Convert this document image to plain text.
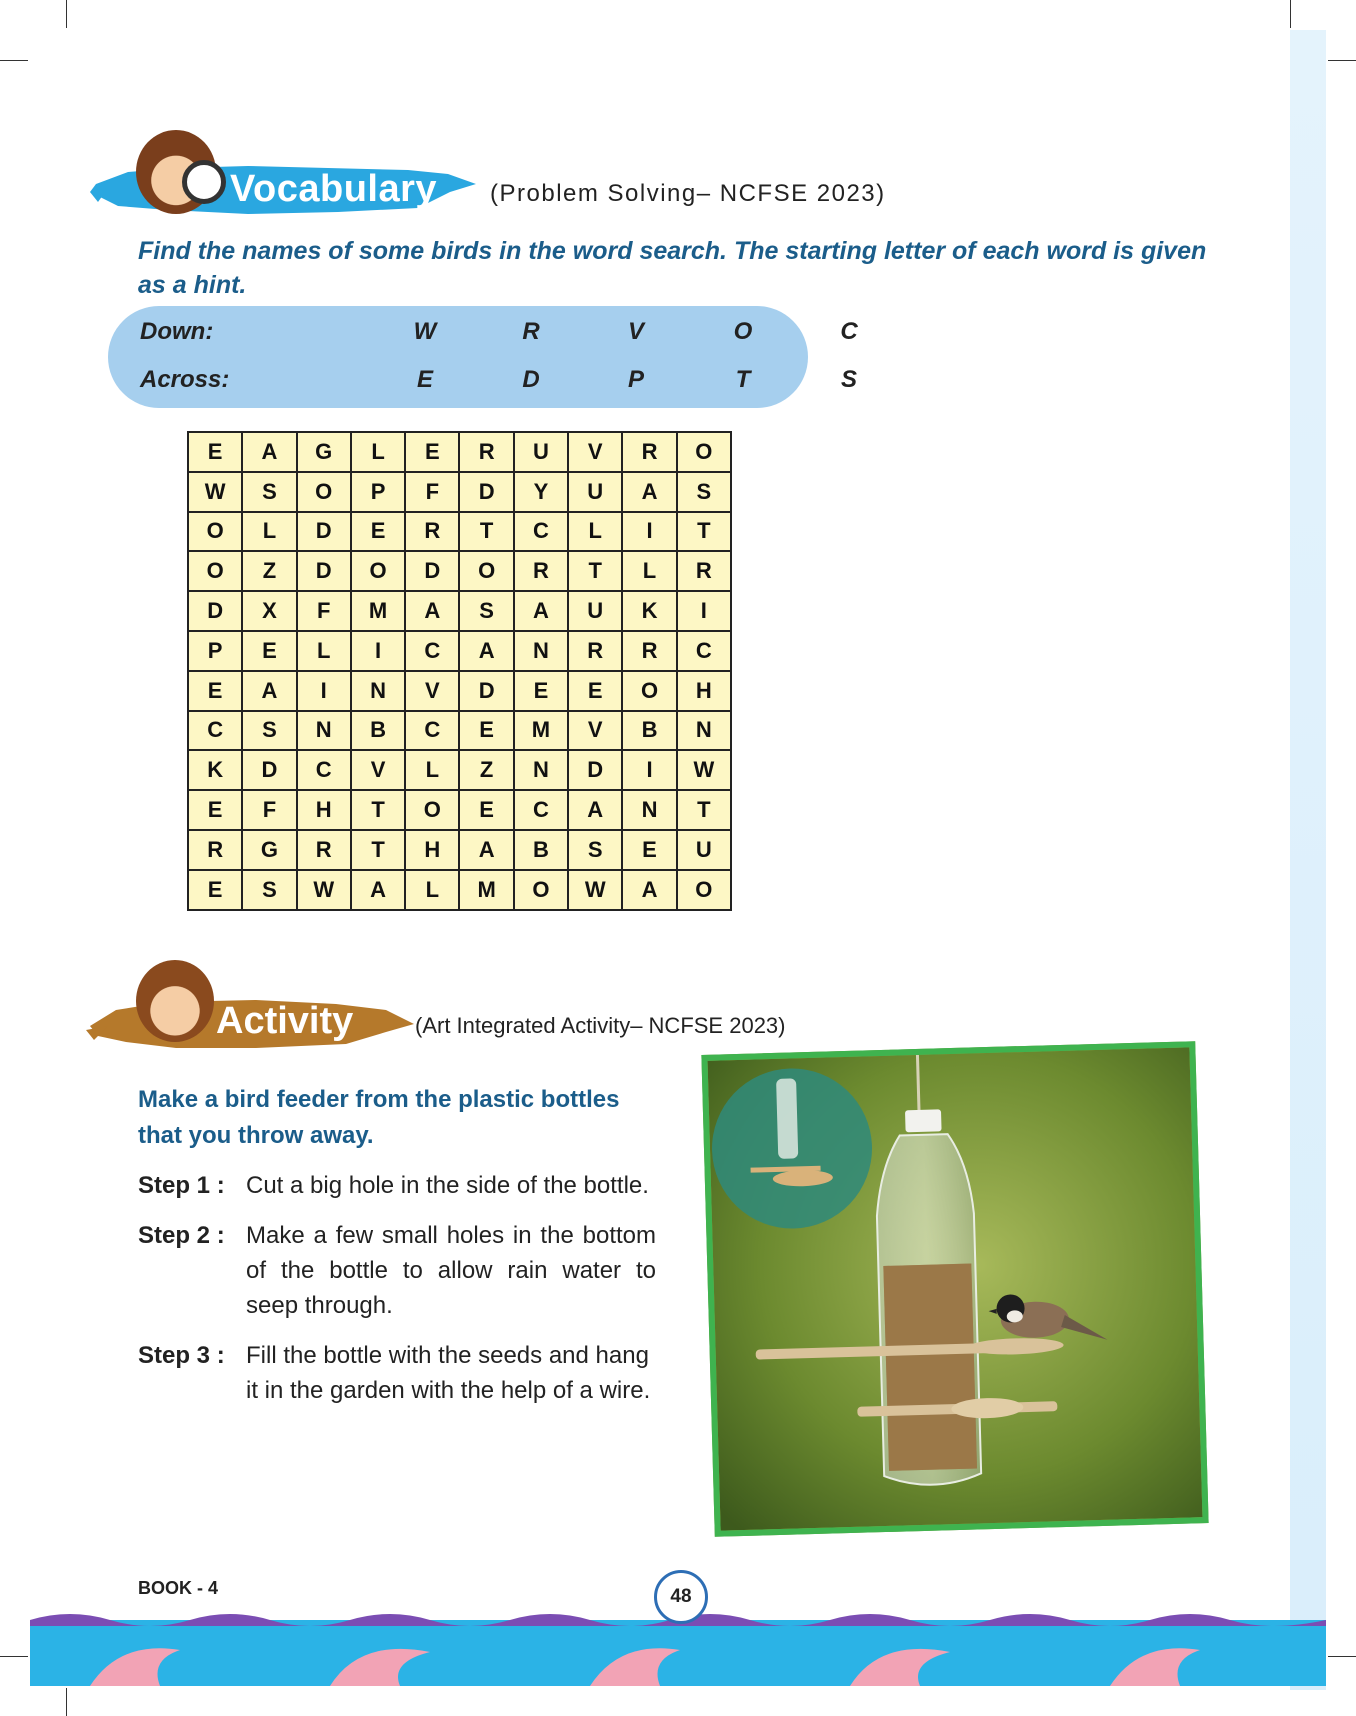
Vocabulary (Problem Solving– NCFSE 2023)
Find the names of some birds in the word search. The starting letter of each word is given as a hint.
Down:	W	R	V	O	C
Across:	E	D	P	T	S
E	A	G	L	E	R	U	V	R	O
W	S	O	P	F	D	Y	U	A	S
O	L	D	E	R	T	C	L	I	T
O	Z	D	O	D	O	R	T	L	R
D	X	F	M	A	S	A	U	K	I
P	E	L	I	C	A	N	R	R	C
E	A	I	N	V	D	E	E	O	H
C	S	N	B	C	E	M	V	B	N
K	D	C	V	L	Z	N	D	I	W
E	F	H	T	O	E	C	A	N	T
R	G	R	T	H	A	B	S	E	U
E	S	W	A	L	M	O	W	A	O
Activity	(Art Integrated Activity– NCFSE 2023)
Make a bird feeder from the plastic bottles that you throw away.
Step 1 : Cut a big hole in the side of the bottle.
Step 2 : Make a few small holes in the bottom of the bottle to allow rain water to seep through.
Step 3 : Fill the bottle with the seeds and hang it in the garden with the help of a wire.
BOOK - 4	48
